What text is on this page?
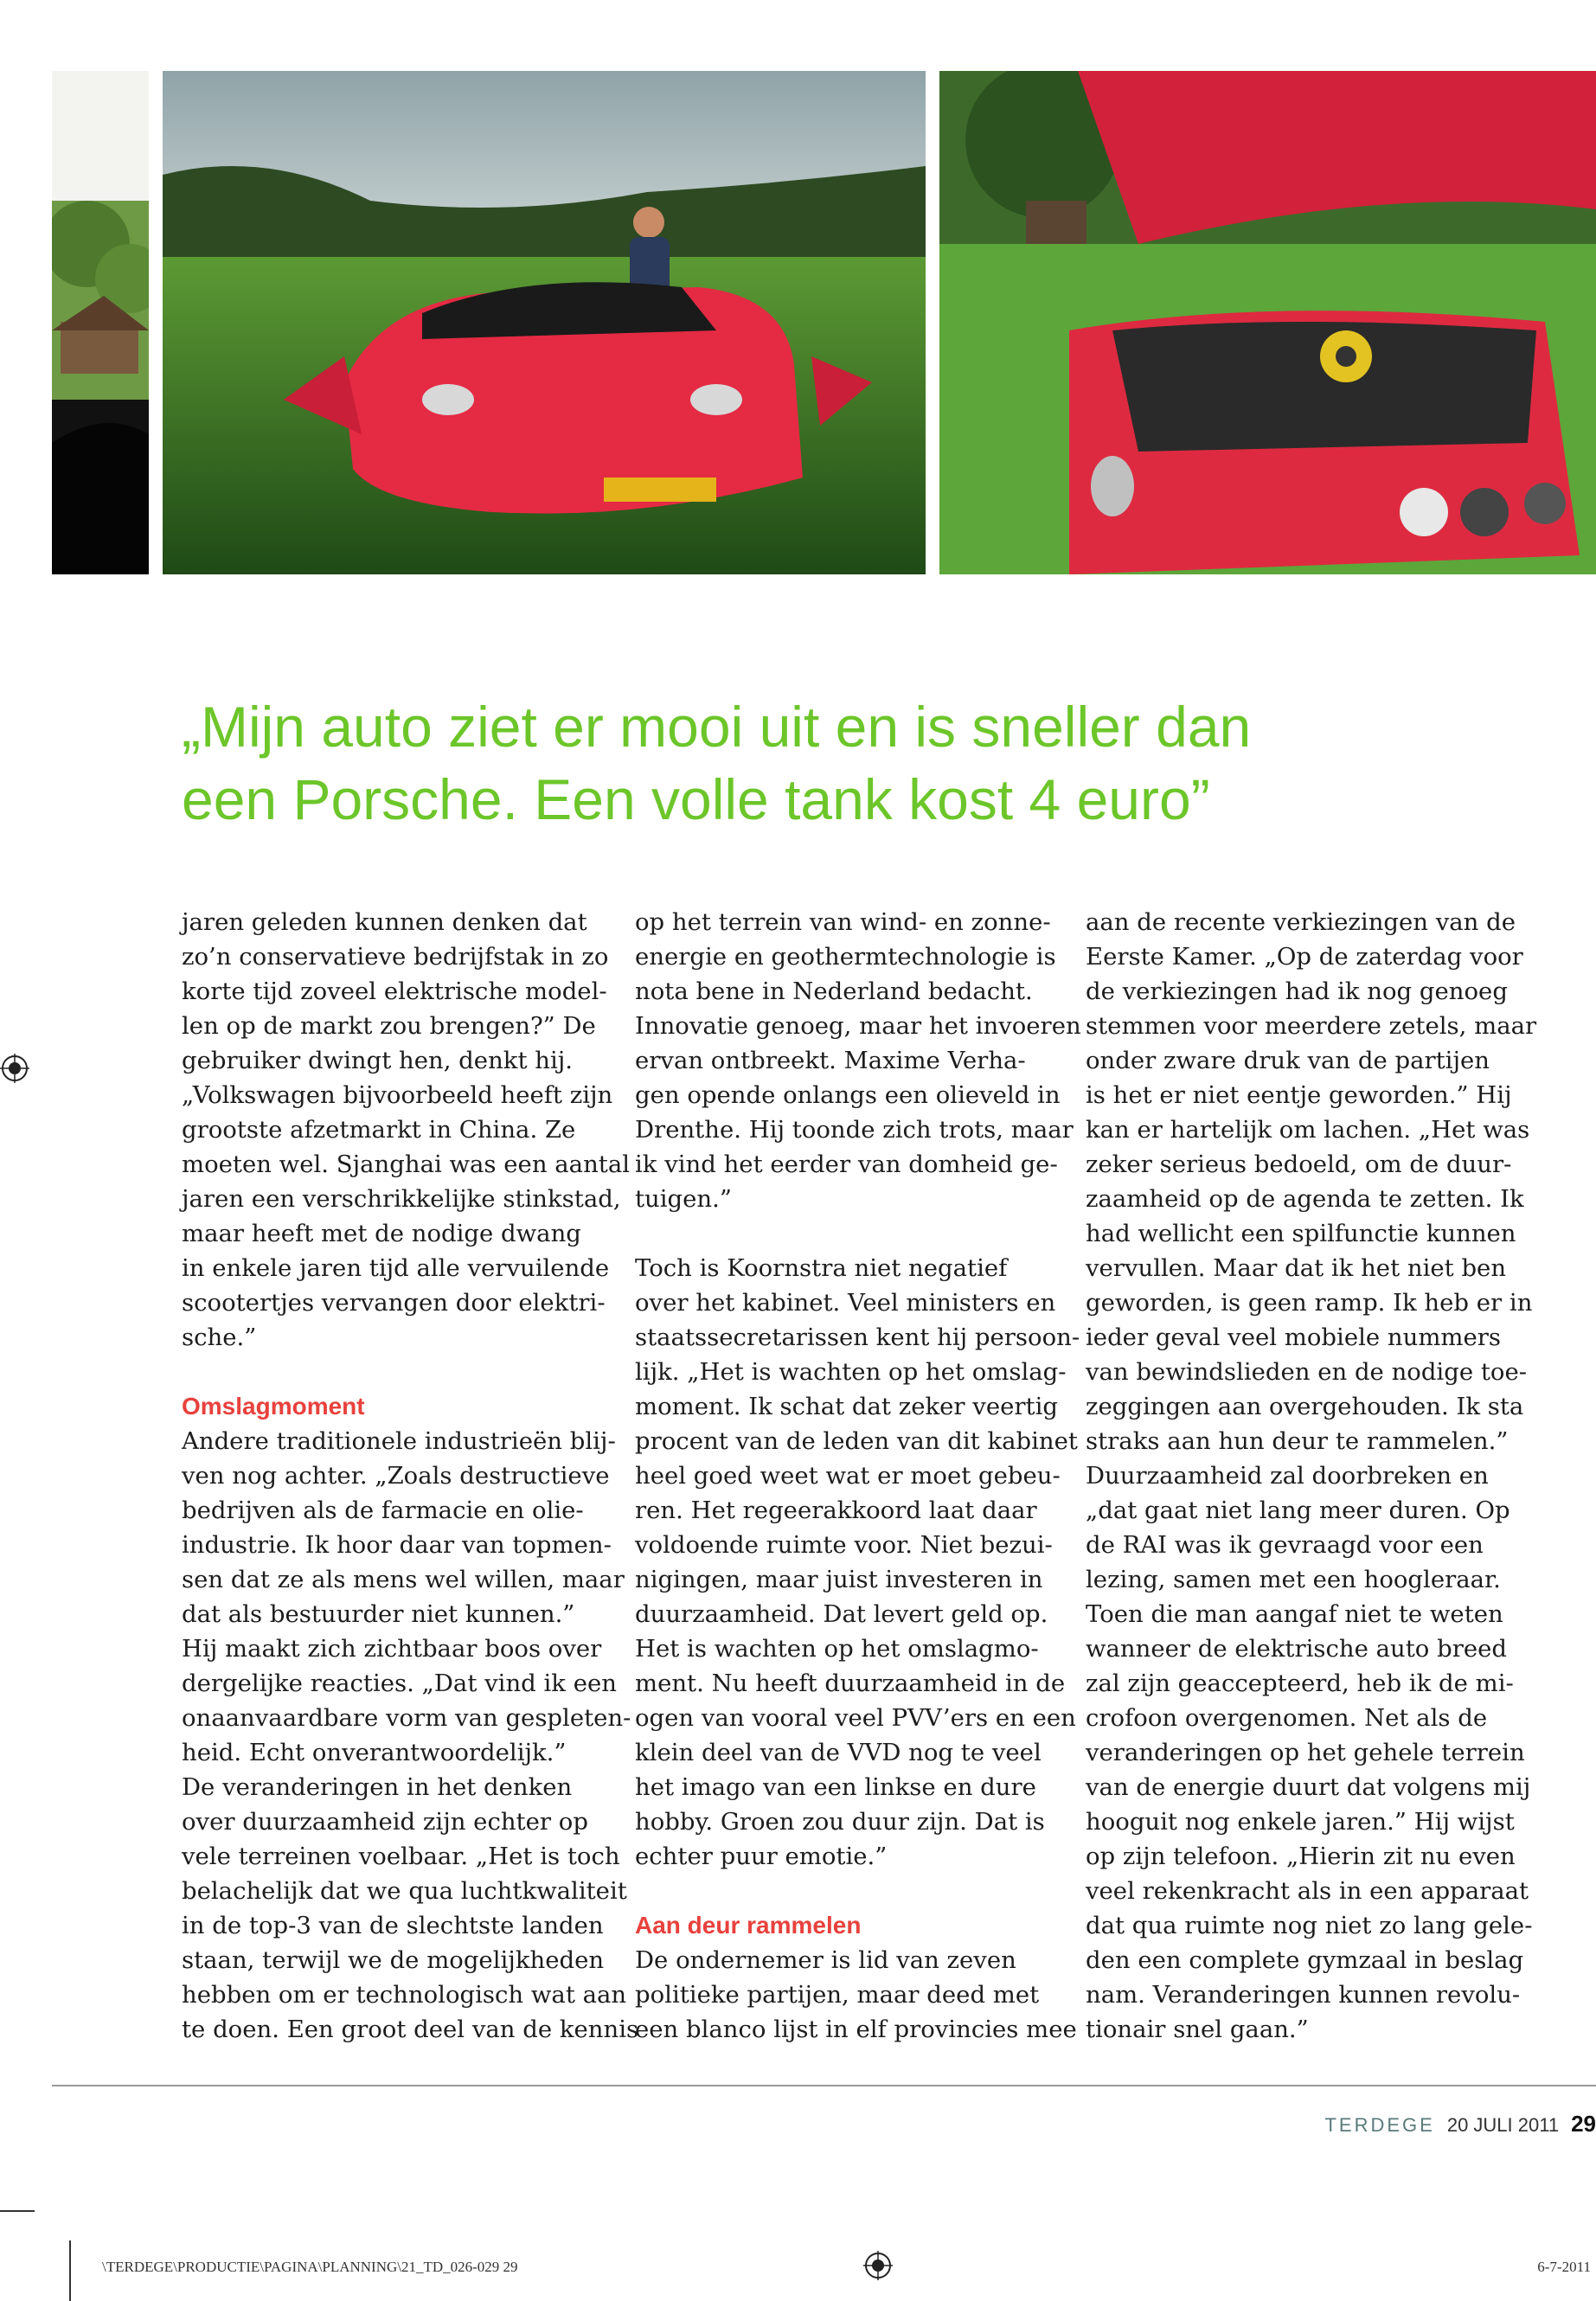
„Mijn auto ziet er mooi uit en is sneller dan
een Porsche. Een volle tank kost 4 euro”

jaren geleden kunnen denken dat

zo’n conservatieve bedrijfstak in zo

korte tijd zoveel elektrische model-

len op de markt zou brengen?” De

gebruiker dwingt hen, denkt hij.

„Volkswagen bijvoorbeeld heeft zijn

grootste afzetmarkt in China. Ze

moeten wel. Sjanghai was een aantal

jaren een verschrikkelijke stinkstad,

maar heeft met de nodige dwang

in enkele jaren tijd alle vervuilende

scootertjes vervangen door elektri-

sche.”

Omslagmoment

Andere traditionele industrieën blij-

ven nog achter. „Zoals destructieve

bedrijven als de farmacie en olie-

industrie. Ik hoor daar van topmen-

sen dat ze als mens wel willen, maar

dat als bestuurder niet kunnen.”

Hij maakt zich zichtbaar boos over

dergelijke reacties. „Dat vind ik een

onaanvaardbare vorm van gespleten-

heid. Echt onverantwoordelijk.”

De veranderingen in het denken

over duurzaamheid zijn echter op

vele terreinen voelbaar. „Het is toch

belachelijk dat we qua luchtkwaliteit

in de top-3 van de slechtste landen

staan, terwijl we de mogelijkheden

hebben om er technologisch wat aan

te doen. Een groot deel van de kennis

op het terrein van wind- en zonne-

energie en geothermtechnologie is

nota bene in Nederland bedacht.

Innovatie genoeg, maar het invoeren

ervan ontbreekt. Maxime Verha-

gen opende onlangs een olieveld in

Drenthe. Hij toonde zich trots, maar

ik vind het eerder van domheid ge-

tuigen.”

Toch is Koornstra niet negatief

over het kabinet. Veel ministers en

staatssecretarissen kent hij persoon-

lijk. „Het is wachten op het omslag-

moment. Ik schat dat zeker veertig

procent van de leden van dit kabinet

heel goed weet wat er moet gebeu-

ren. Het regeerakkoord laat daar

voldoende ruimte voor. Niet bezui-

nigingen, maar juist investeren in

duurzaamheid. Dat levert geld op.

Het is wachten op het omslagmo-

ment. Nu heeft duurzaamheid in de

ogen van vooral veel PVV’ers en een

klein deel van de VVD nog te veel

het imago van een linkse en dure

hobby. Groen zou duur zijn. Dat is

echter puur emotie.”

Aan deur rammelen

De ondernemer is lid van zeven

politieke partijen, maar deed met

een blanco lijst in elf provincies mee

aan de recente verkiezingen van de

Eerste Kamer. „Op de zaterdag voor

de verkiezingen had ik nog genoeg

stemmen voor meerdere zetels, maar

onder zware druk van de partijen

is het er niet eentje geworden.” Hij

kan er hartelijk om lachen. „Het was

zeker serieus bedoeld, om de duur-

zaamheid op de agenda te zetten. Ik

had wellicht een spilfunctie kunnen

vervullen. Maar dat ik het niet ben

geworden, is geen ramp. Ik heb er in

ieder geval veel mobiele nummers

van bewindslieden en de nodige toe-

zeggingen aan overgehouden. Ik sta

straks aan hun deur te rammelen.”

Duurzaamheid zal doorbreken en

„dat gaat niet lang meer duren. Op

de RAI was ik gevraagd voor een

lezing, samen met een hoogleraar.

Toen die man aangaf niet te weten

wanneer de elektrische auto breed

zal zijn geaccepteerd, heb ik de mi-

crofoon overgenomen. Net als de

veranderingen op het gehele terrein

van de energie duurt dat volgens mij

hooguit nog enkele jaren.” Hij wijst

op zijn telefoon. „Hierin zit nu even

veel rekenkracht als in een apparaat

dat qua ruimte nog niet zo lang gele-

den een complete gymzaal in beslag

nam. Veranderingen kunnen revolu-

tionair snel gaan.”

TERDEGE 20 JULI 2011 29
\TERDEGE\PRODUCTIE\PAGINA\PLANNING\21_TD_026-029 29	6-7-2011
